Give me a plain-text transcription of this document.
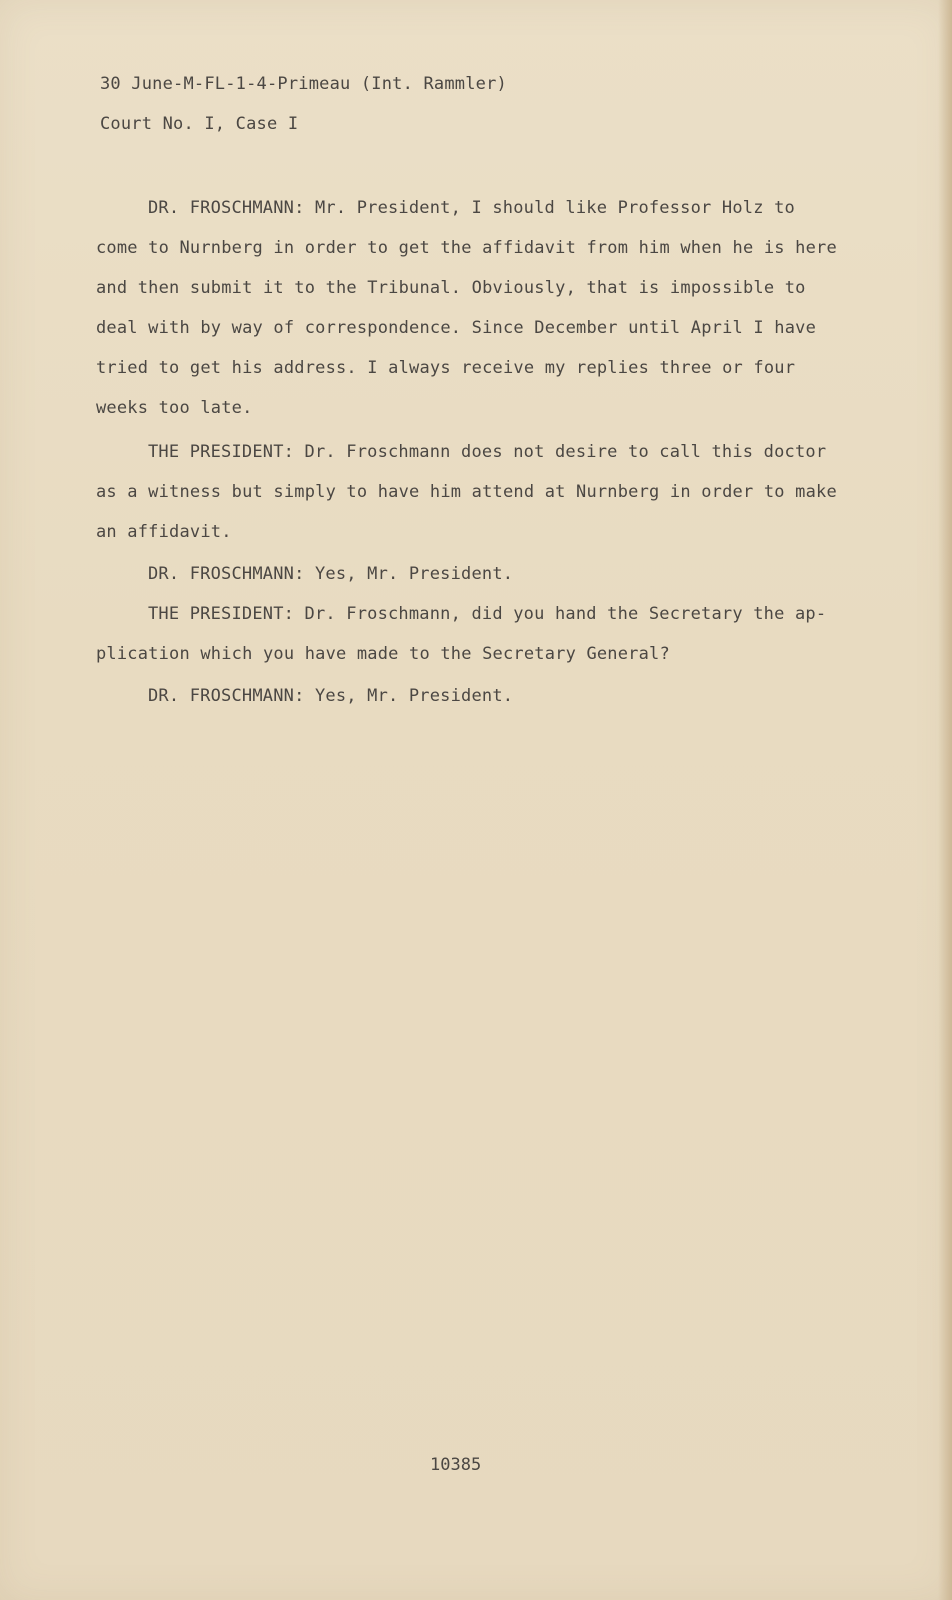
30 June-M-FL-1-4-Primeau (Int. Rammler)
Court No. I, Case I
DR. FROSCHMANN: Mr. President, I should like Professor Holz to
come to Nurnberg in order to get the affidavit from him when he is here
and then submit it to the Tribunal. Obviously, that is impossible to
deal with by way of correspondence. Since December until April I have
tried to get his address. I always receive my replies three or four
weeks too late.
THE PRESIDENT: Dr. Froschmann does not desire to call this doctor
as a witness but simply to have him attend at Nurnberg in order to make
an affidavit.
DR. FROSCHMANN: Yes, Mr. President.
THE PRESIDENT: Dr. Froschmann, did you hand the Secretary the ap-
plication which you have made to the Secretary General?
DR. FROSCHMANN: Yes, Mr. President.
10385
